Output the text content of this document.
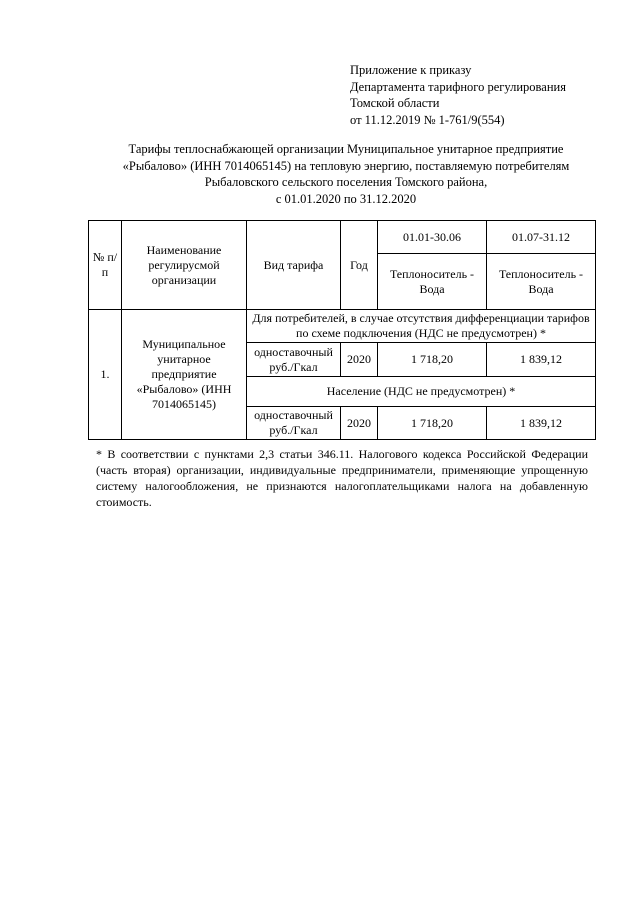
Приложение к приказу
Департамента тарифного регулирования
Томской области
от 11.12.2019 № 1-761/9(554)
Тарифы теплоснабжающей организации Муниципальное унитарное предприятие
«Рыбалово» (ИНН 7014065145) на тепловую энергию, поставляемую потребителям
Рыбаловского сельского поселения Томского района,
с 01.01.2020 по 31.12.2020
№ п/п	Наименование регулирусмой организации	Вид тарифа	Год	01.01-30.06	01.07-31.12
				Теплоноситель - Вода	Теплоноситель - Вода
1.	Муниципальное унитарное предприятие «Рыбалово» (ИНН 7014065145)	Для потребителей, в случае отсутствия дифференциации тарифов по схеме подключения (НДС не предусмотрен) *			
		одноставочный руб./Гкал	2020	1 718,20	1 839,12
		Население (НДС не предусмотрен) *			
		одноставочный руб./Гкал	2020	1 718,20	1 839,12
* В соответствии с пунктами 2,3 статьи 346.11. Налогового кодекса Российской Федерации (часть вторая) организации, индивидуальные предприниматели, применяющие упрощенную систему налогообложения, не признаются налогоплательщиками налога на добавленную стоимость.
